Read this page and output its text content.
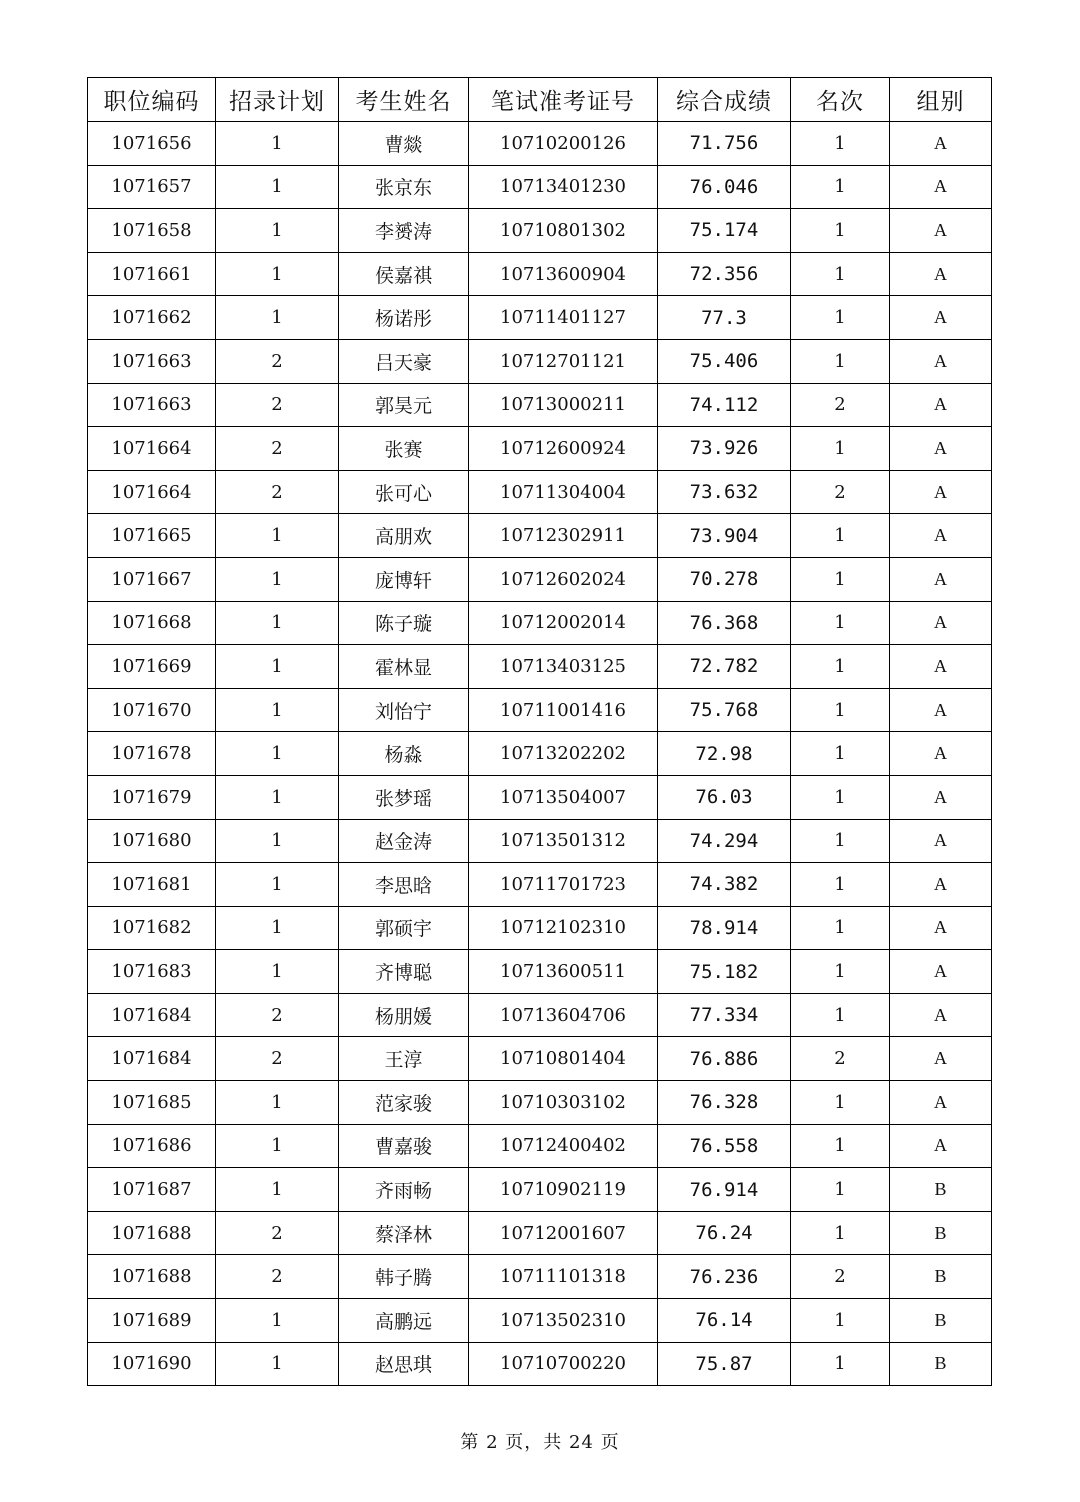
职位编码	招录计划	考生姓名	笔试准考证号	综合成绩	名次	组别
1071656	1	曹燚	10710200126	71.756	1	A
1071657	1	张京东	10713401230	76.046	1	A
1071658	1	李赟涛	10710801302	75.174	1	A
1071661	1	侯嘉祺	10713600904	72.356	1	A
1071662	1	杨诺彤	10711401127	77.3	1	A
1071663	2	吕天豪	10712701121	75.406	1	A
1071663	2	郭昊元	10713000211	74.112	2	A
1071664	2	张赛	10712600924	73.926	1	A
1071664	2	张可心	10711304004	73.632	2	A
1071665	1	高朋欢	10712302911	73.904	1	A
1071667	1	庞博轩	10712602024	70.278	1	A
1071668	1	陈子璇	10712002014	76.368	1	A
1071669	1	霍林显	10713403125	72.782	1	A
1071670	1	刘怡宁	10711001416	75.768	1	A
1071678	1	杨淼	10713202202	72.98	1	A
1071679	1	张梦瑶	10713504007	76.03	1	A
1071680	1	赵金涛	10713501312	74.294	1	A
1071681	1	李思晗	10711701723	74.382	1	A
1071682	1	郭硕宇	10712102310	78.914	1	A
1071683	1	齐博聪	10713600511	75.182	1	A
1071684	2	杨朋媛	10713604706	77.334	1	A
1071684	2	王淳	10710801404	76.886	2	A
1071685	1	范家骏	10710303102	76.328	1	A
1071686	1	曹嘉骏	10712400402	76.558	1	A
1071687	1	齐雨畅	10710902119	76.914	1	B
1071688	2	蔡泽林	10712001607	76.24	1	B
1071688	2	韩子腾	10711101318	76.236	2	B
1071689	1	高鹏远	10713502310	76.14	1	B
1071690	1	赵思琪	10710700220	75.87	1	B
第 2 页，共 24 页
